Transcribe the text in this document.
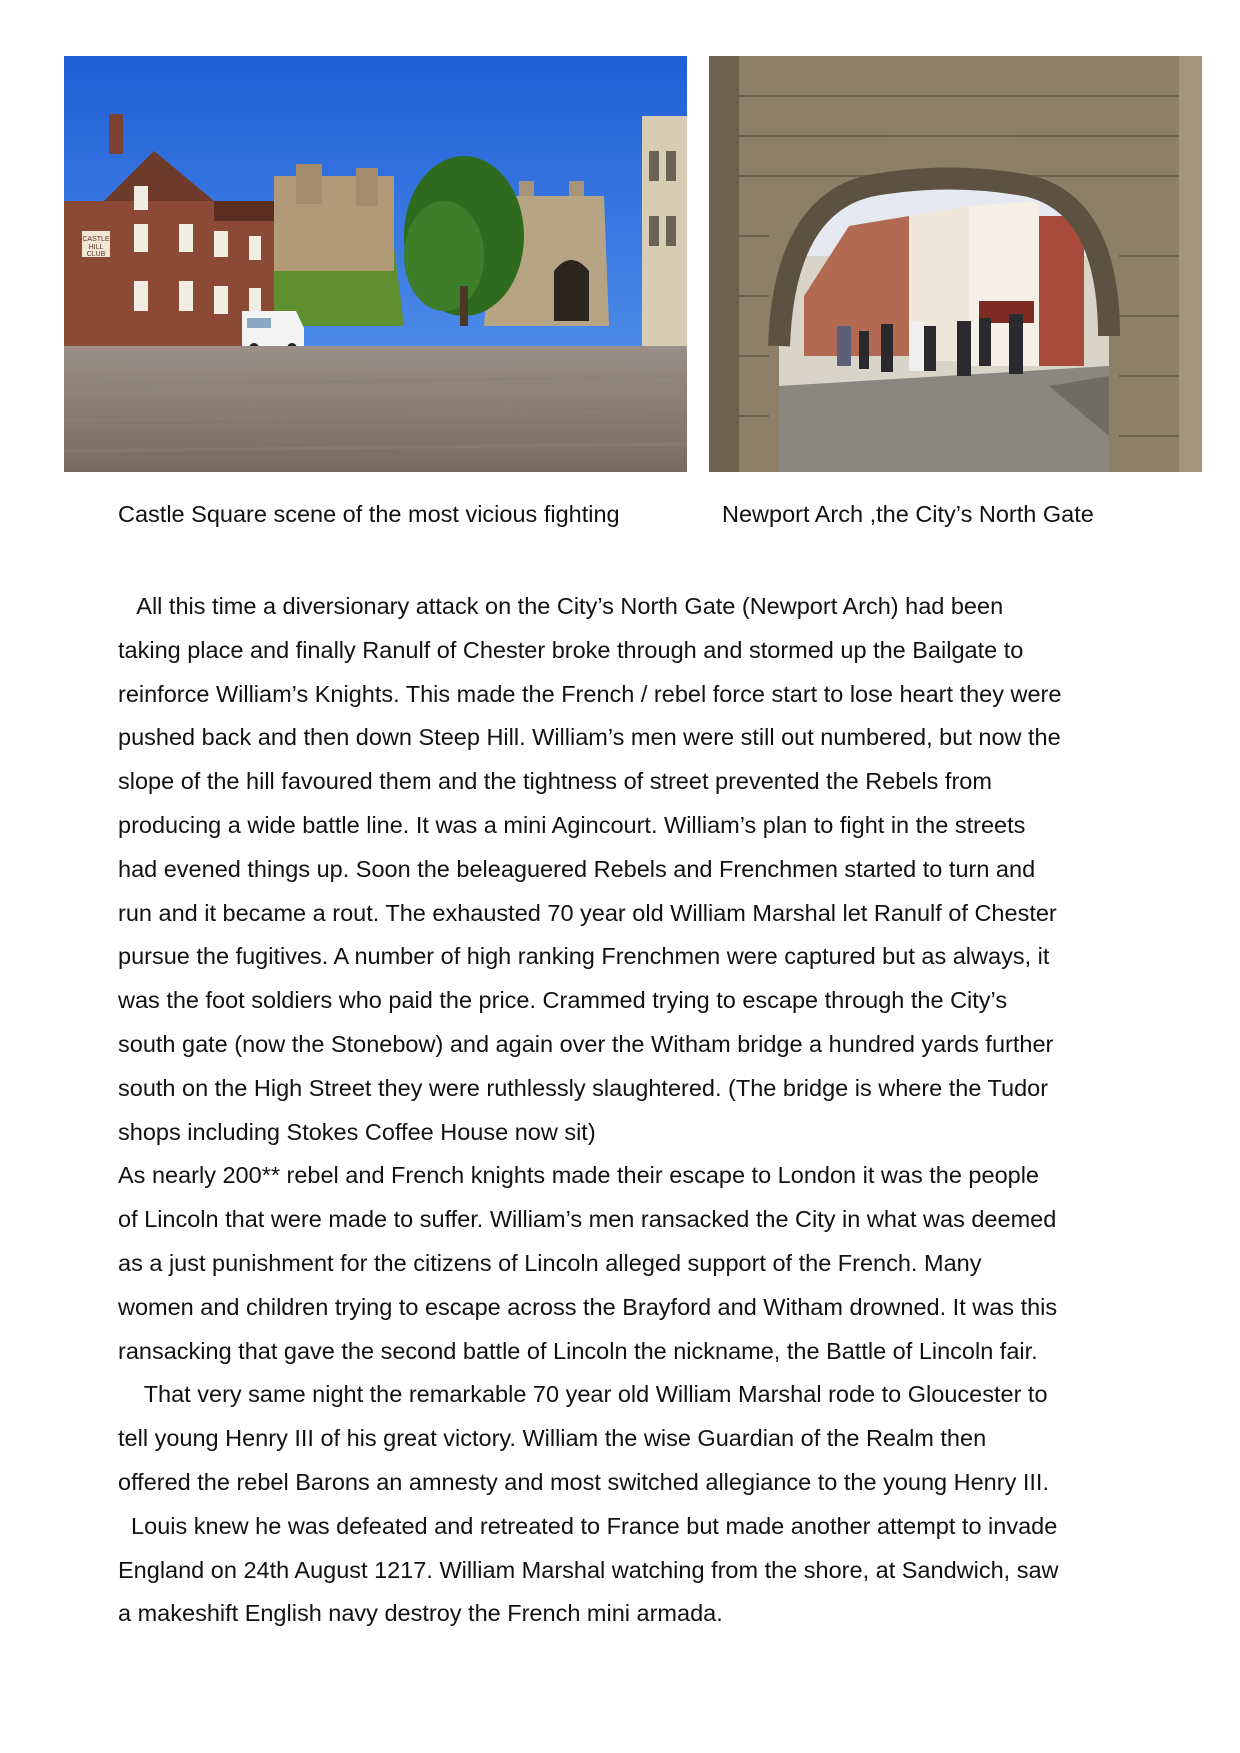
CASTLE
HILL
CLUB
Castle Square scene of the most vicious fighting	Newport Arch ,the City’s North Gate
All this time a diversionary attack on the City’s North Gate (Newport Arch) had been
taking place and finally Ranulf of Chester broke through and stormed up the Bailgate to
reinforce William’s Knights. This made the French / rebel force start to lose heart they were
pushed back and then down Steep Hill. William’s men were still out numbered, but now the
slope of the hill favoured them and the tightness of street prevented the Rebels from
producing a wide battle line. It was a mini Agincourt. William’s plan to fight in the streets
had evened things up. Soon the beleaguered Rebels and Frenchmen started to turn and
run and it became a rout. The exhausted 70 year old William Marshal let Ranulf of Chester
pursue the fugitives. A number of high ranking Frenchmen were captured but as always, it
was the foot soldiers who paid the price. Crammed trying to escape through the City’s
south gate (now the Stonebow) and again over the Witham bridge a hundred yards further
south on the High Street they were ruthlessly slaughtered. (The bridge is where the Tudor
shops including Stokes Coffee House now sit)
As nearly 200** rebel and French knights made their escape to London it was the people
of Lincoln that were made to suffer. William’s men ransacked the City in what was deemed
as a just punishment for the citizens of Lincoln alleged support of the French. Many
women and children trying to escape across the Brayford and Witham drowned. It was this
ransacking that gave the second battle of Lincoln the nickname, the Battle of Lincoln fair.
That very same night the remarkable 70 year old William Marshal rode to Gloucester to
tell young Henry III of his great victory. William the wise Guardian of the Realm then
offered the rebel Barons an amnesty and most switched allegiance to the young Henry III.
Louis knew he was defeated and retreated to France but made another attempt to invade
England on 24th August 1217. William Marshal watching from the shore, at Sandwich, saw
a makeshift English navy destroy the French mini armada.
